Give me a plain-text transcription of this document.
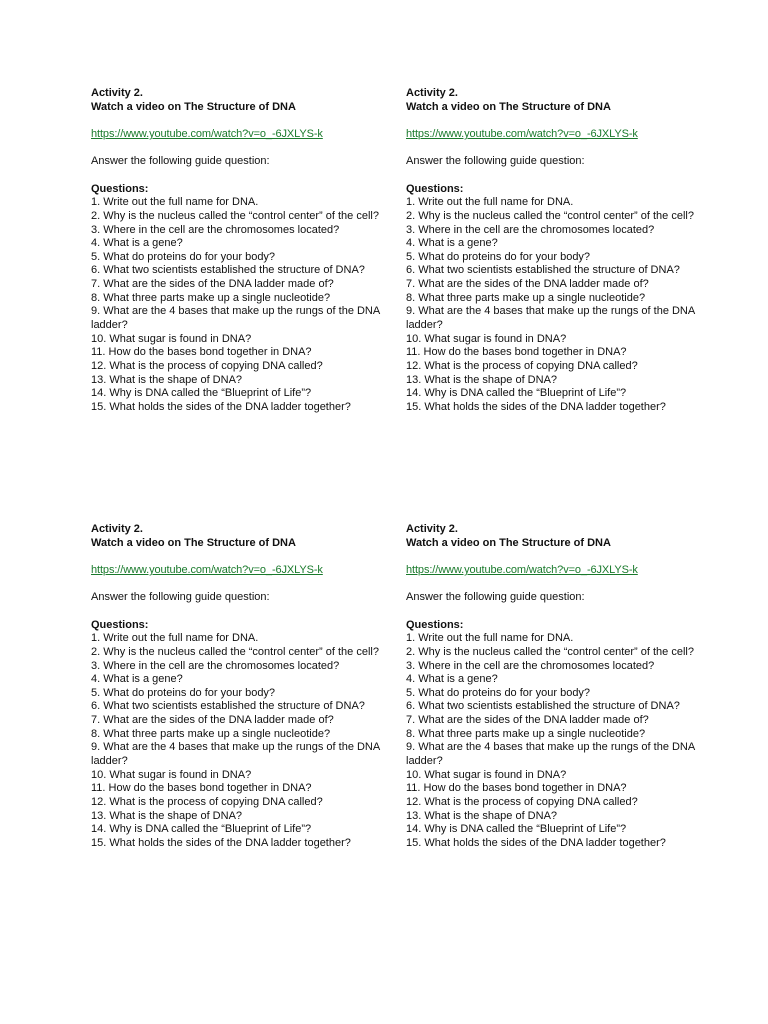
Activity 2.
Watch a video on The Structure of DNA
https://www.youtube.com/watch?v=o_-6JXLYS-k
Answer the following guide question:
Questions:
1. Write out the full name for DNA.
2. Why is the nucleus called the “control center” of the cell?
3. Where in the cell are the chromosomes located?
4. What is a gene?
5. What do proteins do for your body?
6. What two scientists established the structure of DNA?
7. What are the sides of the DNA ladder made of?
8. What three parts make up a single nucleotide?
9. What are the 4 bases that make up the rungs of the DNA ladder?
10. What sugar is found in DNA?
11. How do the bases bond together in DNA?
12. What is the process of copying DNA called?
13. What is the shape of DNA?
14. Why is DNA called the “Blueprint of Life”?
15. What holds the sides of the DNA ladder together?
Activity 2.
Watch a video on The Structure of DNA
https://www.youtube.com/watch?v=o_-6JXLYS-k
Answer the following guide question:
Questions:
1. Write out the full name for DNA.
2. Why is the nucleus called the “control center” of the cell?
3. Where in the cell are the chromosomes located?
4. What is a gene?
5. What do proteins do for your body?
6. What two scientists established the structure of DNA?
7. What are the sides of the DNA ladder made of?
8. What three parts make up a single nucleotide?
9. What are the 4 bases that make up the rungs of the DNA ladder?
10. What sugar is found in DNA?
11. How do the bases bond together in DNA?
12. What is the process of copying DNA called?
13. What is the shape of DNA?
14. Why is DNA called the “Blueprint of Life”?
15. What holds the sides of the DNA ladder together?
Activity 2.
Watch a video on The Structure of DNA
https://www.youtube.com/watch?v=o_-6JXLYS-k
Answer the following guide question:
Questions:
1. Write out the full name for DNA.
2. Why is the nucleus called the “control center” of the cell?
3. Where in the cell are the chromosomes located?
4. What is a gene?
5. What do proteins do for your body?
6. What two scientists established the structure of DNA?
7. What are the sides of the DNA ladder made of?
8. What three parts make up a single nucleotide?
9. What are the 4 bases that make up the rungs of the DNA ladder?
10. What sugar is found in DNA?
11. How do the bases bond together in DNA?
12. What is the process of copying DNA called?
13. What is the shape of DNA?
14. Why is DNA called the “Blueprint of Life”?
15. What holds the sides of the DNA ladder together?
Activity 2.
Watch a video on The Structure of DNA
https://www.youtube.com/watch?v=o_-6JXLYS-k
Answer the following guide question:
Questions:
1. Write out the full name for DNA.
2. Why is the nucleus called the “control center” of the cell?
3. Where in the cell are the chromosomes located?
4. What is a gene?
5. What do proteins do for your body?
6. What two scientists established the structure of DNA?
7. What are the sides of the DNA ladder made of?
8. What three parts make up a single nucleotide?
9. What are the 4 bases that make up the rungs of the DNA ladder?
10. What sugar is found in DNA?
11. How do the bases bond together in DNA?
12. What is the process of copying DNA called?
13. What is the shape of DNA?
14. Why is DNA called the “Blueprint of Life”?
15. What holds the sides of the DNA ladder together?
